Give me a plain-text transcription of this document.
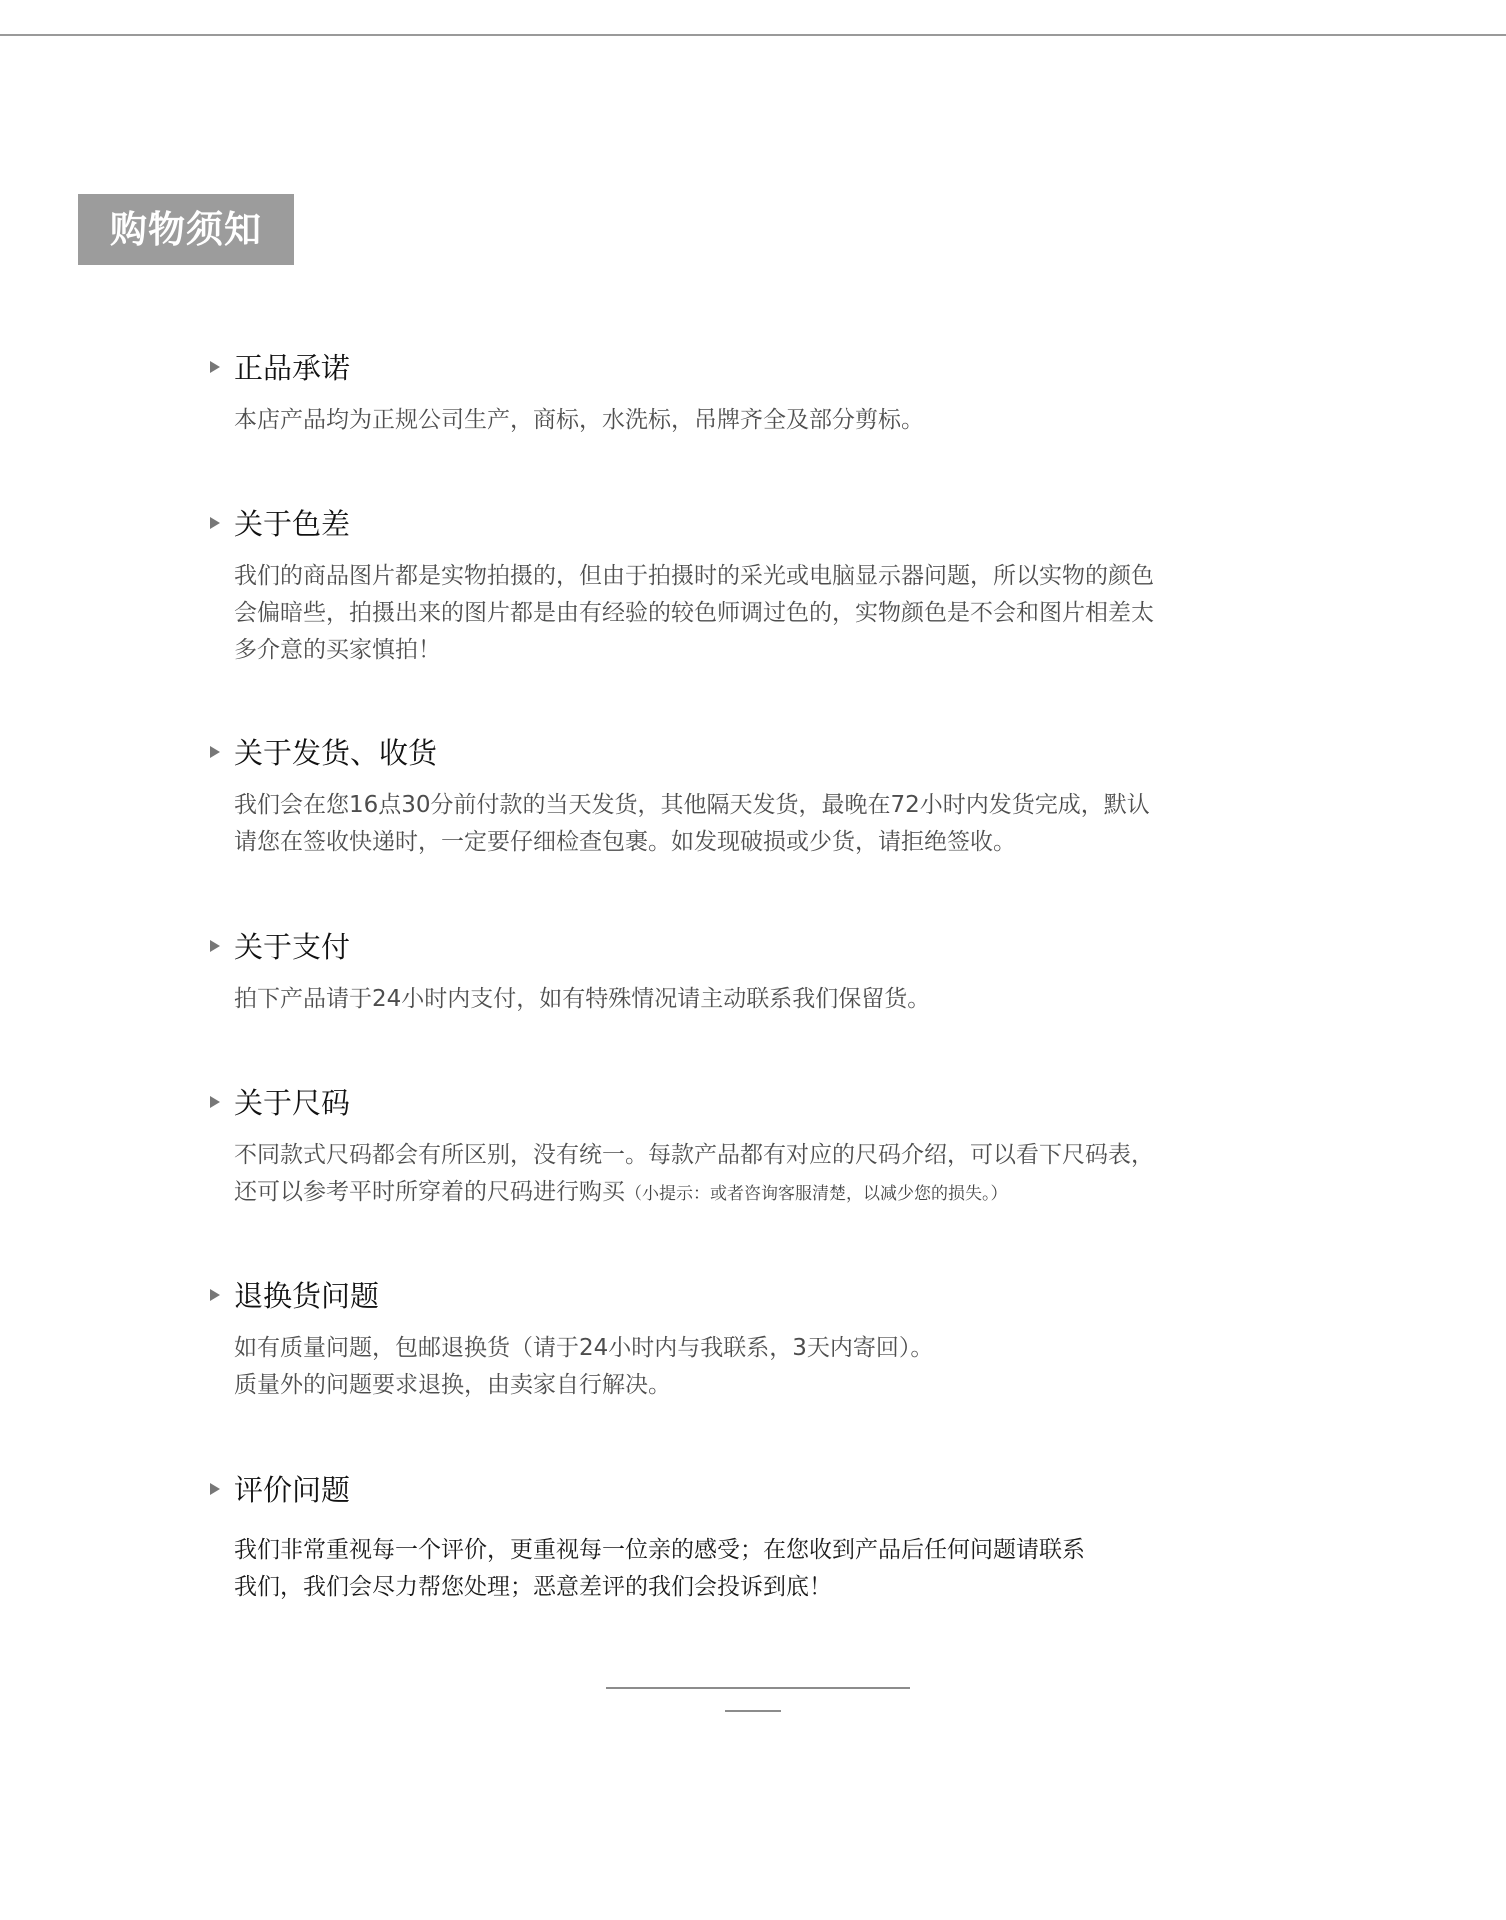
购物须知
正品承诺
本店产品均为正规公司生产，商标，水洗标，吊牌齐全及部分剪标。
关于色差
我们的商品图片都是实物拍摄的，但由于拍摄时的采光或电脑显示器问题，所以实物的颜色
会偏暗些，拍摄出来的图片都是由有经验的较色师调过色的，实物颜色是不会和图片相差太
多介意的买家慎拍！
关于发货、收货
我们会在您16点30分前付款的当天发货，其他隔天发货，最晚在72小时内发货完成，默认
请您在签收快递时，一定要仔细检查包裹。如发现破损或少货，请拒绝签收。
关于支付
拍下产品请于24小时内支付，如有特殊情况请主动联系我们保留货。
关于尺码
不同款式尺码都会有所区别，没有统一。每款产品都有对应的尺码介绍，可以看下尺码表，
还可以参考平时所穿着的尺码进行购买（小提示：或者咨询客服清楚，以减少您的损失。）
退换货问题
如有质量问题，包邮退换货（请于24小时内与我联系，3天内寄回）。
质量外的问题要求退换，由卖家自行解决。
评价问题
我们非常重视每一个评价，更重视每一位亲的感受；在您收到产品后任何问题请联系
我们，我们会尽力帮您处理；恶意差评的我们会投诉到底！
